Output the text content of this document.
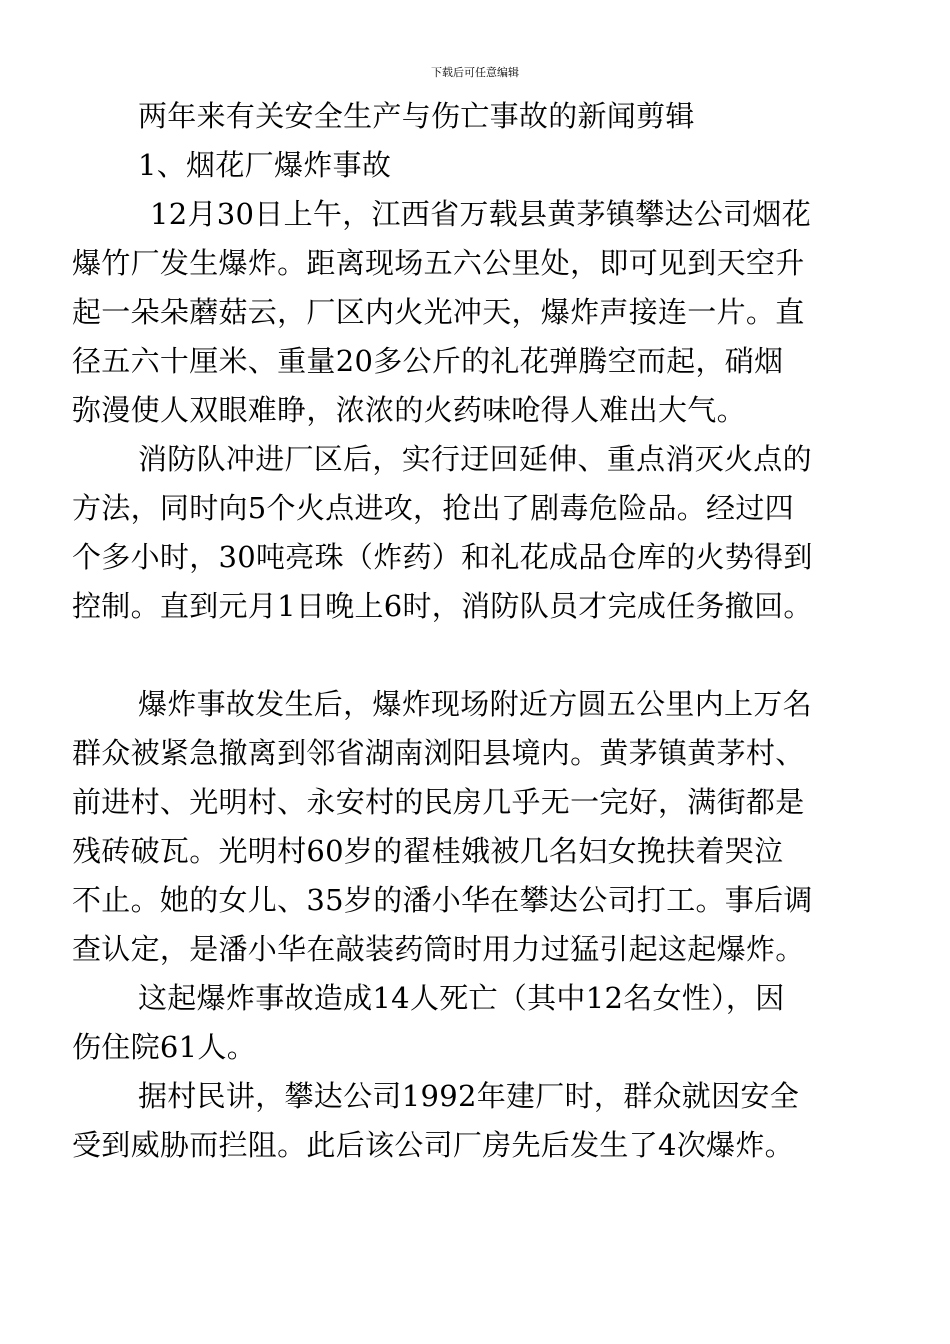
下载后可任意编辑
两年来有关安全生产与伤亡事故的新闻剪辑
1、烟花厂爆炸事故
12月30日上午，江西省万载县黄茅镇攀达公司烟花
爆竹厂发生爆炸。距离现场五六公里处，即可见到天空升
起一朵朵蘑菇云，厂区内火光冲天，爆炸声接连一片。直
径五六十厘米、重量20多公斤的礼花弹腾空而起，硝烟
弥漫使人双眼难睁，浓浓的火药味呛得人难出大气。
消防队冲进厂区后，实行迂回延伸、重点消灭火点的
方法，同时向5个火点进攻，抢出了剧毒危险品。经过四
个多小时，30吨亮珠（炸药）和礼花成品仓库的火势得到
控制。直到元月1日晚上6时，消防队员才完成任务撤回。
爆炸事故发生后，爆炸现场附近方圆五公里内上万名
群众被紧急撤离到邻省湖南浏阳县境内。黄茅镇黄茅村、
前进村、光明村、永安村的民房几乎无一完好，满街都是
残砖破瓦。光明村60岁的翟桂娥被几名妇女挽扶着哭泣
不止。她的女儿、35岁的潘小华在攀达公司打工。事后调
查认定，是潘小华在敲装药筒时用力过猛引起这起爆炸。
这起爆炸事故造成14人死亡（其中12名女性），因
伤住院61人。
据村民讲，攀达公司1992年建厂时，群众就因安全
受到威胁而拦阻。此后该公司厂房先后发生了4次爆炸。
